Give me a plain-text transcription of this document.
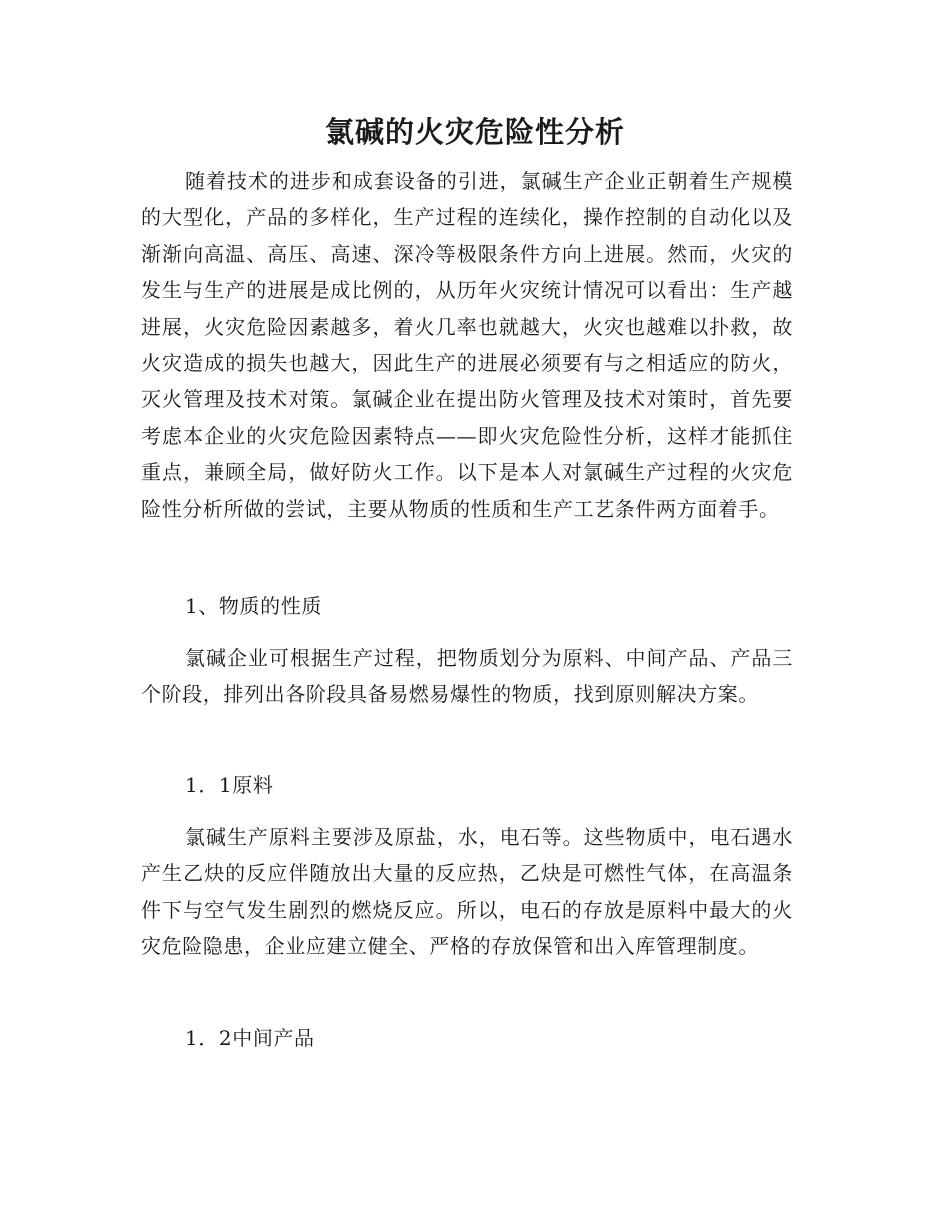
氯碱的火灾危险性分析

随着技术的进步和成套设备的引进，氯碱生产企业正朝着生产规模的大型化，产品的多样化，生产过程的连续化，操作控制的自动化以及渐渐向高温、高压、高速、深冷等极限条件方向上进展。然而，火灾的发生与生产的进展是成比例的，从历年火灾统计情况可以看出：生产越进展，火灾危险因素越多，着火几率也就越大，火灾也越难以扑救，故火灾造成的损失也越大，因此生产的进展必须要有与之相适应的防火，灭火管理及技术对策。氯碱企业在提出防火管理及技术对策时，首先要考虑本企业的火灾危险因素特点——即火灾危险性分析，这样才能抓住重点，兼顾全局，做好防火工作。以下是本人对氯碱生产过程的火灾危险性分析所做的尝试，主要从物质的性质和生产工艺条件两方面着手。

1、物质的性质

氯碱企业可根据生产过程，把物质划分为原料、中间产品、产品三个阶段，排列出各阶段具备易燃易爆性的物质，找到原则解决方案。

1．1原料

氯碱生产原料主要涉及原盐，水，电石等。这些物质中，电石遇水产生乙炔的反应伴随放出大量的反应热，乙炔是可燃性气体，在高温条件下与空气发生剧烈的燃烧反应。所以，电石的存放是原料中最大的火灾危险隐患，企业应建立健全、严格的存放保管和出入库管理制度。

1．2中间产品
